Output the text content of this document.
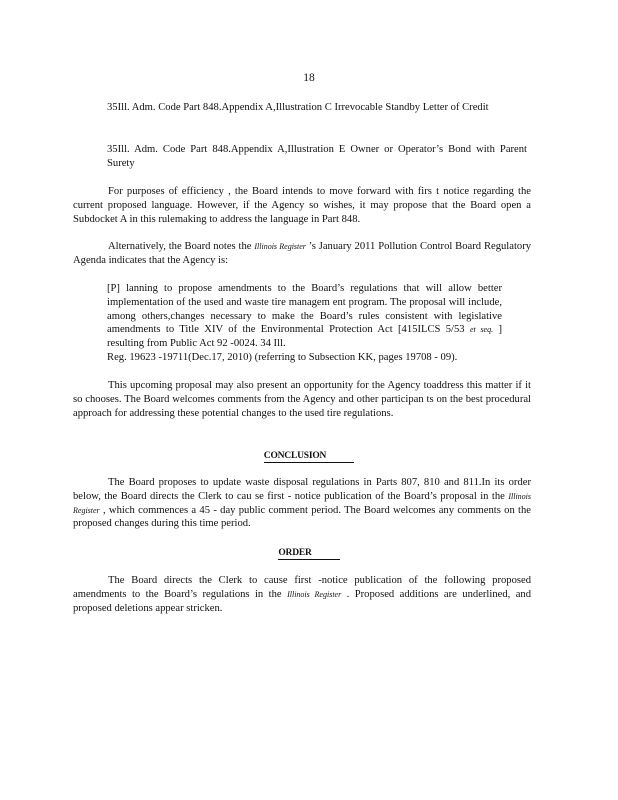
18
35Ill. Adm. Code Part 848.Appendix A,Illustration C Irrevocable Standby Letter of Credit
35Ill. Adm. Code Part 848.Appendix A,Illustration E Owner or Operator’s Bond with Parent Surety
For purposes of efficiency , the Board intends to move forward with firs t notice regarding the current proposed language. However, if the Agency so wishes, it may propose that the Board open a Subdocket A in this rulemaking to address the language in Part 848.
Alternatively, the Board notes the Illinois Register ’s January 2011 Pollution Control Board Regulatory Agenda indicates that the Agency is:
[P] lanning to propose amendments to the Board’s regulations that will allow better implementation of the used and waste tire managem ent program. The proposal will include, among others,changes necessary to make the Board’s rules consistent with legislative amendments to Title XIV of the Environmental Protection Act [415ILCS 5/53 et seq. ] resulting from Public Act 92 -0024. 34 Ill.
Reg. 19623 -19711(Dec.17, 2010) (referring to Subsection KK, pages 19708 - 09).
This upcoming proposal may also present an opportunity for the Agency toaddress this matter if it so chooses. The Board welcomes comments from the Agency and other participan ts on the best procedural approach for addressing these potential changes to the used tire regulations.
CONCLUSION
The Board proposes to update waste disposal regulations in Parts 807, 810 and 811.In its order below, the Board directs the Clerk to cau se first - notice publication of the Board’s proposal in the Illinois Register , which commences a 45 - day public comment period. The Board welcomes any comments on the proposed changes during this time period.
ORDER
The Board directs the Clerk to cause first -notice publication of the following proposed amendments to the Board’s regulations in the Illinois Register . Proposed additions are underlined, and proposed deletions appear stricken.
